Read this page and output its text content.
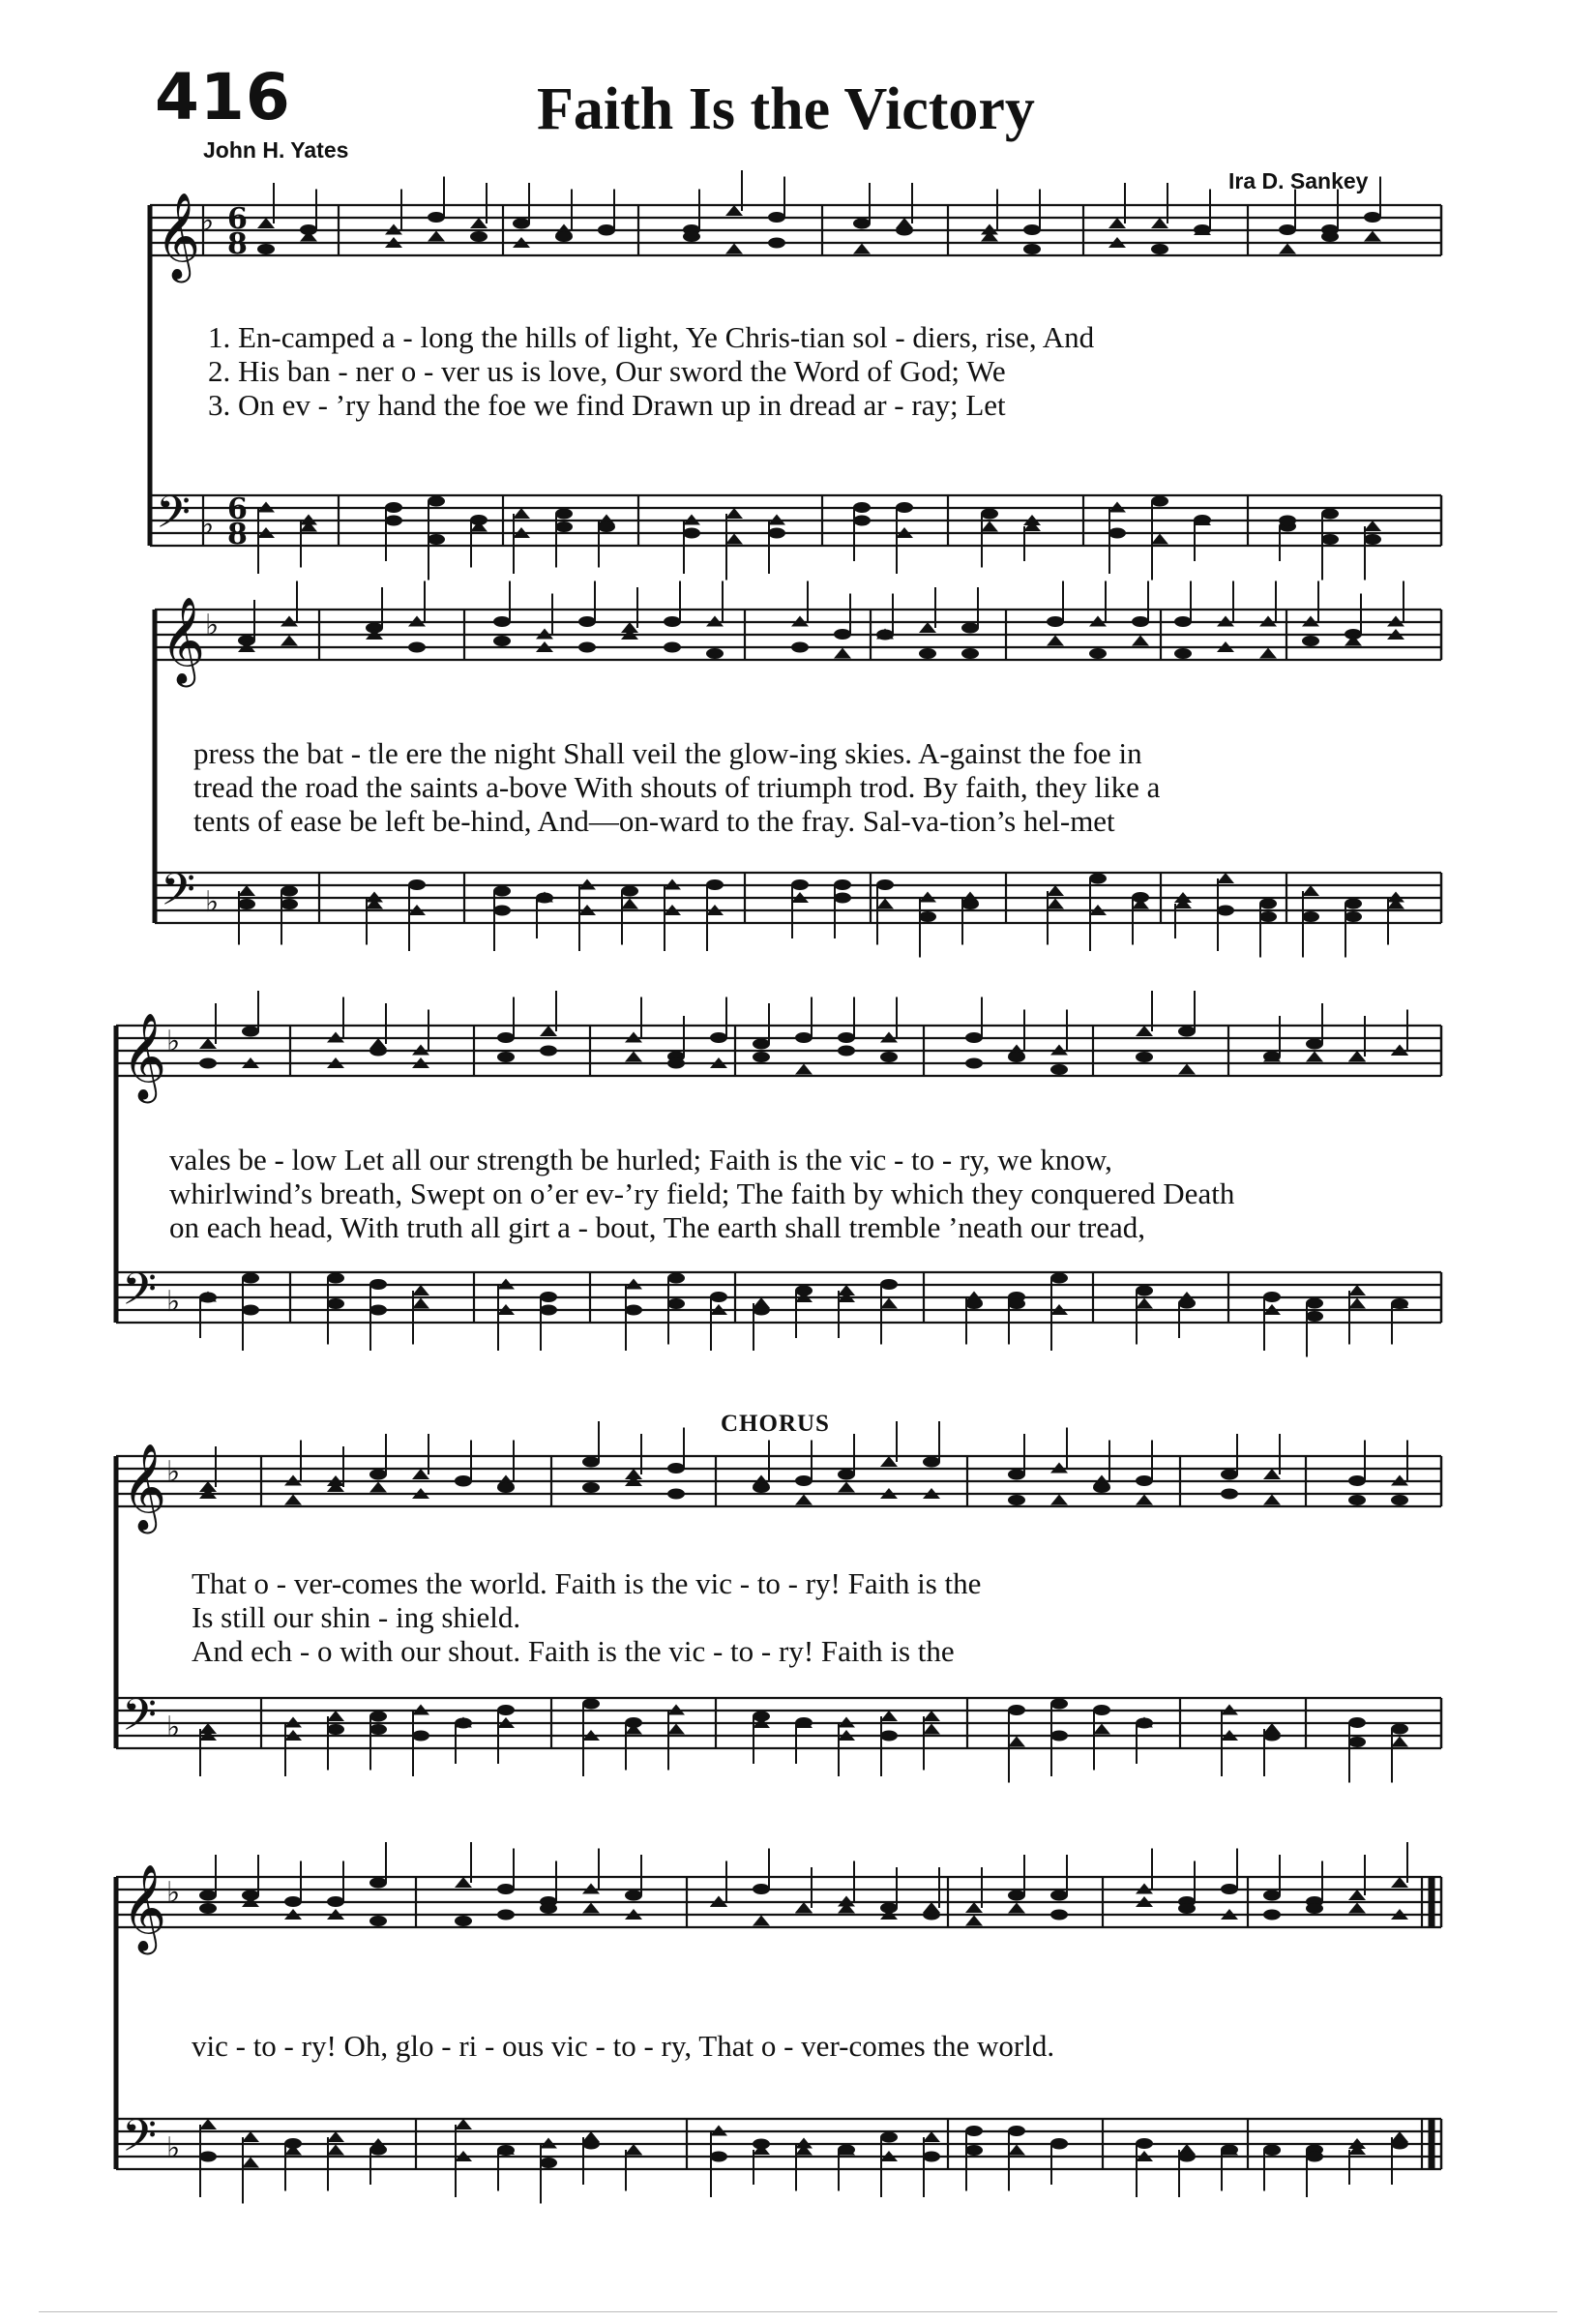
416	Faith Is the Victory
John H. Yates
Ira D. Sankey
𝄞 ♭
𝄢 ♭
6
6
8
8
1. En-camped a - long the hills of light, Ye Chris-tian sol - diers, rise, And
2. His ban - ner o - ver us is love, Our sword the Word of God; We
3. On ev - ’ry hand the foe we find Drawn up in dread ar - ray; Let
𝄞 ♭
𝄢 ♭
press the bat - tle ere the night Shall veil the glow-ing skies. A-gainst the foe in
tread the road the saints a-bove With shouts of triumph trod. By faith, they like a
tents of ease be left be-hind, And—on-ward to the fray. Sal-va-tion’s hel-met
𝄞 ♭
𝄢 ♭
vales be - low Let all our strength be hurled; Faith is the vic - to - ry, we know,
whirlwind’s breath, Swept on o’er ev-’ry field; The faith by which they conquered Death
on each head, With truth all girt a - bout, The earth shall tremble ’neath our tread,
CHORUS
𝄞 ♭
𝄢 ♭
That o - ver-comes the world. Faith is the vic - to - ry! Faith is the
Is still our shin - ing shield.
And ech - o with our shout. Faith is the vic - to - ry! Faith is the
𝄞 ♭
𝄢 ♭
vic - to - ry! Oh, glo - ri - ous vic - to - ry, That o - ver-comes the world.
